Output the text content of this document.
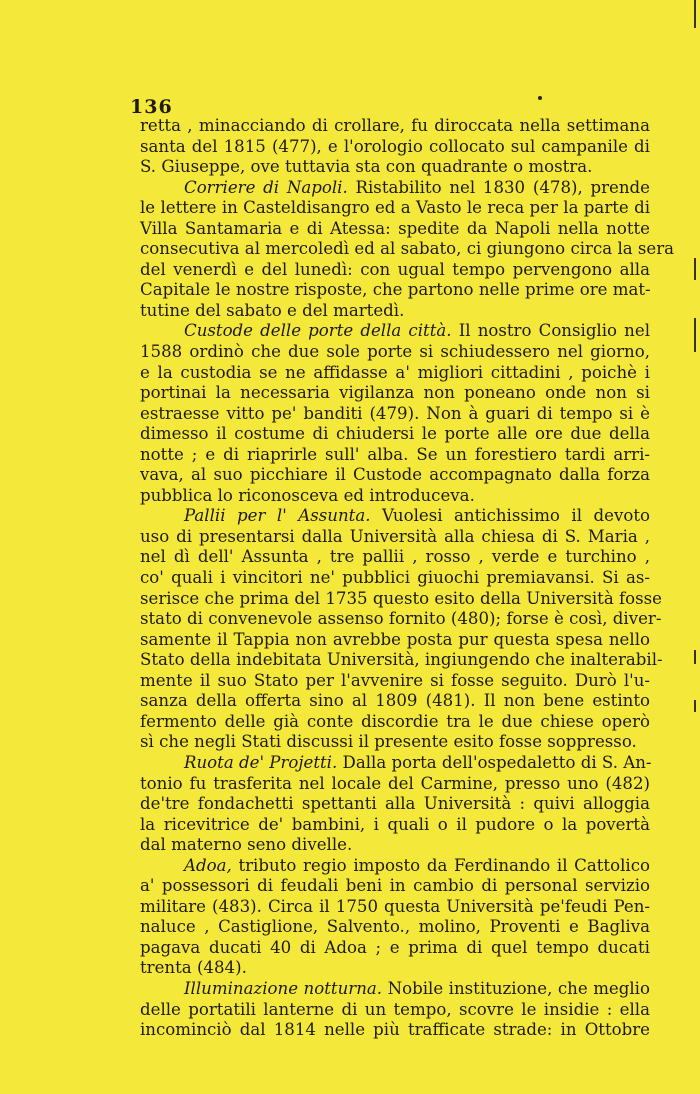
136
retta , minacciando di crollare, fu diroccata nella settimana
santa del 1815 (477), e l'orologio collocato sul campanile di
S. Giuseppe, ove tuttavia sta con quadrante o mostra.
Corriere di Napoli. Ristabilito nel 1830 (478), prende
le lettere in Casteldisangro ed a Vasto le reca per la parte di
Villa Santamaria e di Atessa: spedite da Napoli nella notte
consecutiva al mercoledì ed al sabato, ci giungono circa la sera
del venerdì e del lunedì: con ugual tempo pervengono alla
Capitale le nostre risposte, che partono nelle prime ore mat-
tutine del sabato e del martedì.
Custode delle porte della città. Il nostro Consiglio nel
1588 ordinò che due sole porte si schiudessero nel giorno,
e la custodia se ne affidasse a' migliori cittadini , poichè i
portinai la necessaria vigilanza non poneano onde non si
estraesse vitto pe' banditi (479). Non à guari di tempo si è
dimesso il costume di chiudersi le porte alle ore due della
notte ; e di riaprirle sull' alba. Se un forestiero tardi arri-
vava, al suo picchiare il Custode accompagnato dalla forza
pubblica lo riconosceva ed introduceva.
Pallii per l' Assunta. Vuolesi antichissimo il devoto
uso di presentarsi dalla Università alla chiesa di S. Maria ,
nel dì dell' Assunta , tre pallii , rosso , verde e turchino ,
co' quali i vincitori ne' pubblici giuochi premiavansi. Si as-
serisce che prima del 1735 questo esito della Università fosse
stato di convenevole assenso fornito (480); forse è così, diver-
samente il Tappia non avrebbe posta pur questa spesa nello
Stato della indebitata Università, ingiungendo che inalterabil-
mente il suo Stato per l'avvenire si fosse seguito. Durò l'u-
sanza della offerta sino al 1809 (481). Il non bene estinto
fermento delle già conte discordie tra le due chiese operò
sì che negli Stati discussi il presente esito fosse soppresso.
Ruota de' Projetti. Dalla porta dell'ospedaletto di S. An-
tonio fu trasferita nel locale del Carmine, presso uno (482)
de'tre fondachetti spettanti alla Università : quivi alloggia
la ricevitrice de' bambini, i quali o il pudore o la povertà
dal materno seno divelle.
Adoa, tributo regio imposto da Ferdinando il Cattolico
a' possessori di feudali beni in cambio di personal servizio
militare (483). Circa il 1750 questa Università pe'feudi Pen-
naluce , Castiglione, Salvento., molino, Proventi e Bagliva
pagava ducati 40 di Adoa ; e prima di quel tempo ducati
trenta (484).
Illuminazione notturna. Nobile instituzione, che meglio
delle portatili lanterne di un tempo, scovre le insidie : ella
incominciò dal 1814 nelle più trafficate strade: in Ottobre
